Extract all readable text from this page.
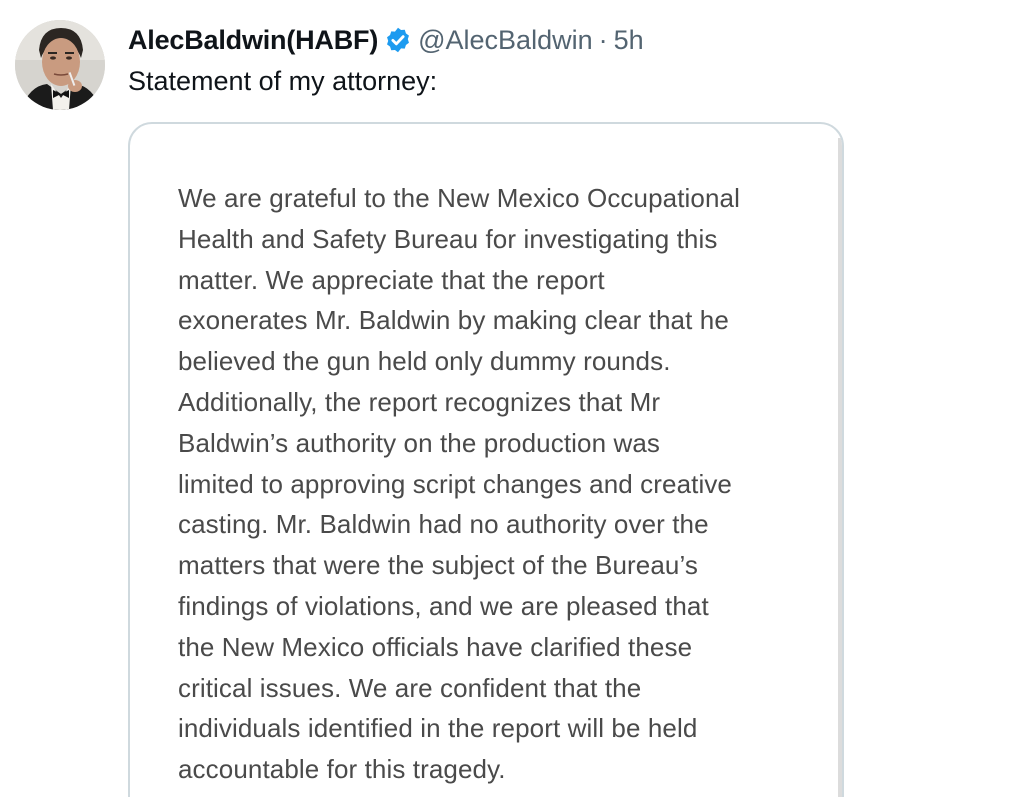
AlecBaldwin(HABF) @AlecBaldwin · 5h
Statement of my attorney:
We are grateful to the New Mexico Occupational
Health and Safety Bureau for investigating this
matter. We appreciate that the report
exonerates Mr. Baldwin by making clear that he
believed the gun held only dummy rounds.
Additionally, the report recognizes that Mr
Baldwin’s authority on the production was
limited to approving script changes and creative
casting. Mr. Baldwin had no authority over the
matters that were the subject of the Bureau’s
findings of violations, and we are pleased that
the New Mexico officials have clarified these
critical issues. We are confident that the
individuals identified in the report will be held
accountable for this tragedy.
